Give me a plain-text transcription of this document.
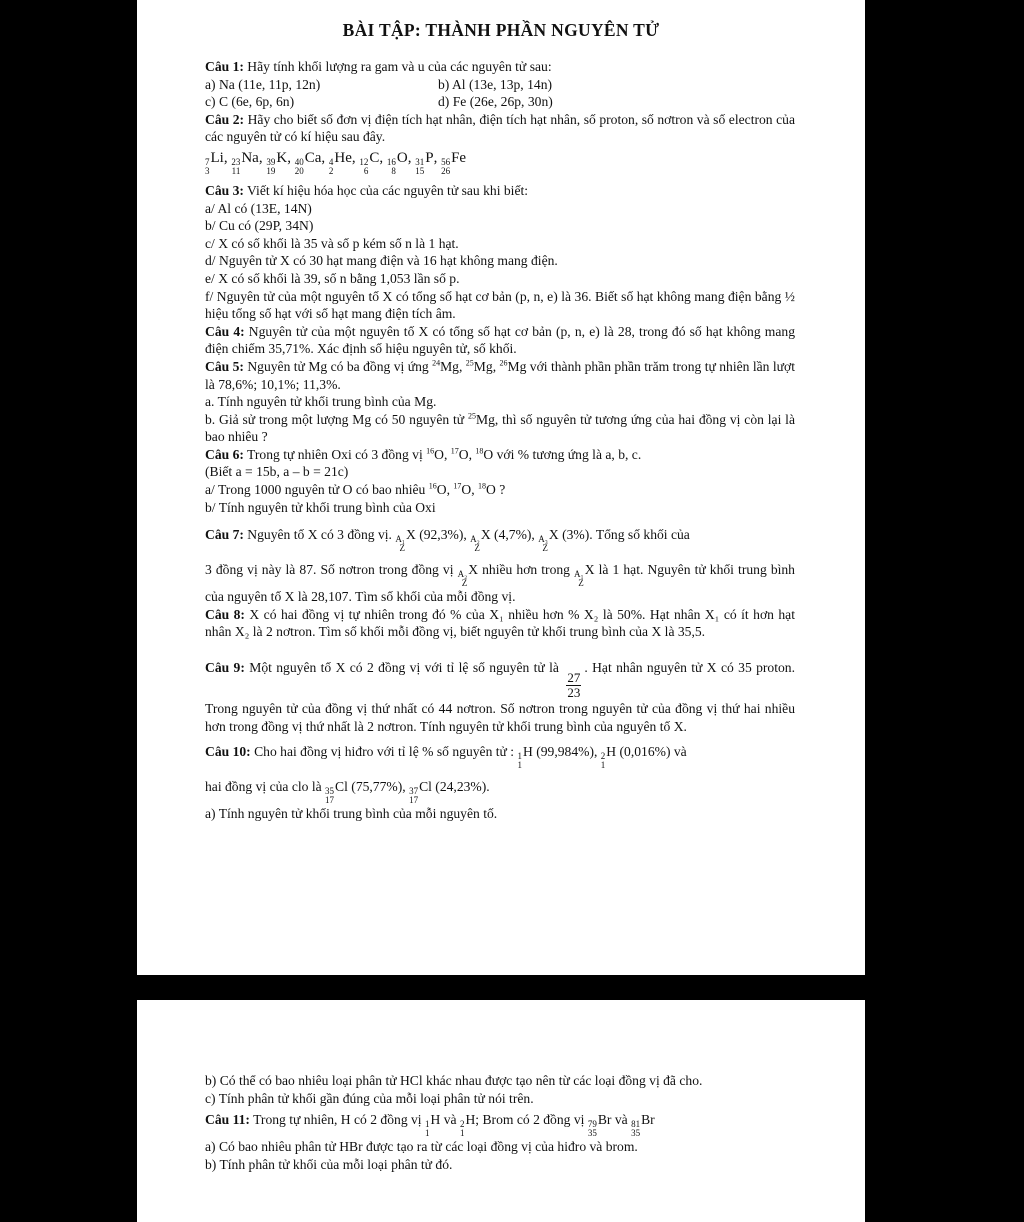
BÀI TẬP: THÀNH PHẦN NGUYÊN TỬ

Câu 1: Hãy tính khối lượng ra gam và u của các nguyên tử sau:

a) Na (11e, 11p, 12n)	b) Al (13e, 13p, 14n)
c) C (6e, 6p, 6n)	d) Fe (26e, 26p, 30n)

Câu 2: Hãy cho biết số đơn vị điện tích hạt nhân, điện tích hạt nhân, số proton, số nơtron và số electron của các nguyên tử có kí hiệu sau đây.

7
3
Li, 23
11
Na, 39
19
K, 40
20
Ca, 4
2
He, 12
6
C, 16
8
O, 31
15
P, 56
26
Fe

Câu 3: Viết kí hiệu hóa học của các nguyên tử sau khi biết:

a/ Al có (13E, 14N)

b/ Cu có (29P, 34N)

c/ X có số khối là 35 và số p kém số n là 1 hạt.

d/ Nguyên tử X có 30 hạt mang điện và 16 hạt không mang điện.

e/ X có số khối là 39, số n bằng 1,053 lần số p.

f/ Nguyên tử của một nguyên tố X có tổng số hạt cơ bản (p, n, e) là 36. Biết số hạt không mang điện bằng ½ hiệu tổng số hạt với số hạt mang điện tích âm.

Câu 4: Nguyên tử của một nguyên tố X có tổng số hạt cơ bản (p, n, e) là 28, trong đó số hạt không mang điện chiếm 35,71%. Xác định số hiệu nguyên tử, số khối.

Câu 5: Nguyên tử Mg có ba đồng vị ứng $^{24}$Mg, $^{25}$Mg, $^{26}$Mg với thành phần phần trăm trong tự nhiên lần lượt là 78,6%; 10,1%; 11,3%.

a. Tính nguyên tử khối trung bình của Mg.

b. Giả sử trong một lượng Mg có 50 nguyên tử $^{25}$Mg, thì số nguyên tử tương ứng của hai đồng vị còn lại là bao nhiêu ?

Câu 6: Trong tự nhiên Oxi có 3 đồng vị $^{16}$O, $^{17}$O, $^{18}$O với % tương ứng là a, b, c.

(Biết a = 15b, a – b = 21c)

a/ Trong 1000 nguyên tử O có bao nhiêu $^{16}$O, $^{17}$O, $^{18}$O ?

b/ Tính nguyên tử khối trung bình của Oxi

Câu 7: Nguyên tố X có 3 đồng vị. A₁
Z
X (92,3%), A₂
Z
X (4,7%), A₃
Z
X (3%). Tổng số khối của

3 đồng vị này là 87. Số nơtron trong đồng vị A₂
Z
X nhiều hơn trong A₁
Z
X là 1 hạt. Nguyên tử khối trung bình của nguyên tố X là 28,107. Tìm số khối của mỗi đồng vị.

Câu 8: X có hai đồng vị tự nhiên trong đó % của X₁ nhiều hơn % X₂ là 50%. Hạt nhân X₁ có ít hơn hạt nhân X₂ là 2 nơtron. Tìm số khối mỗi đồng vị, biết nguyên tử khối trung bình của X là 35,5.

Câu 9: Một nguyên tố X có 2 đồng vị với tỉ lệ số nguyên tử là
$\frac{27}{23}$
. Hạt nhân nguyên tử X có 35 proton. Trong nguyên tử của đồng vị thứ nhất có 44 nơtron. Số nơtron trong nguyên tử của đồng vị thứ hai nhiều hơn trong đồng vị thứ nhất là 2 nơtron. Tính nguyên tử khối trung bình của nguyên tố X.

Câu 10: Cho hai đồng vị hiđro với tỉ lệ % số nguyên tử : 1
1
H (99,984%), 2
1
H (0,016%) và

hai đồng vị của clo là 35
17
Cl (75,77%), 37
17
Cl (24,23%).

a) Tính nguyên tử khối trung bình của mỗi nguyên tố.

b) Có thể có bao nhiêu loại phân tử HCl khác nhau được tạo nên từ các loại đồng vị đã cho.

c) Tính phân tử khối gần đúng của mỗi loại phân tử nói trên.

Câu 11: Trong tự nhiên, H có 2 đồng vị 1
1
H và 2
1
H; Brom có 2 đồng vị 79
35
Br và 81
35
Br

a) Có bao nhiêu phân tử HBr được tạo ra từ các loại đồng vị của hiđro và brom.

b) Tính phân tử khối của mỗi loại phân tử đó.
